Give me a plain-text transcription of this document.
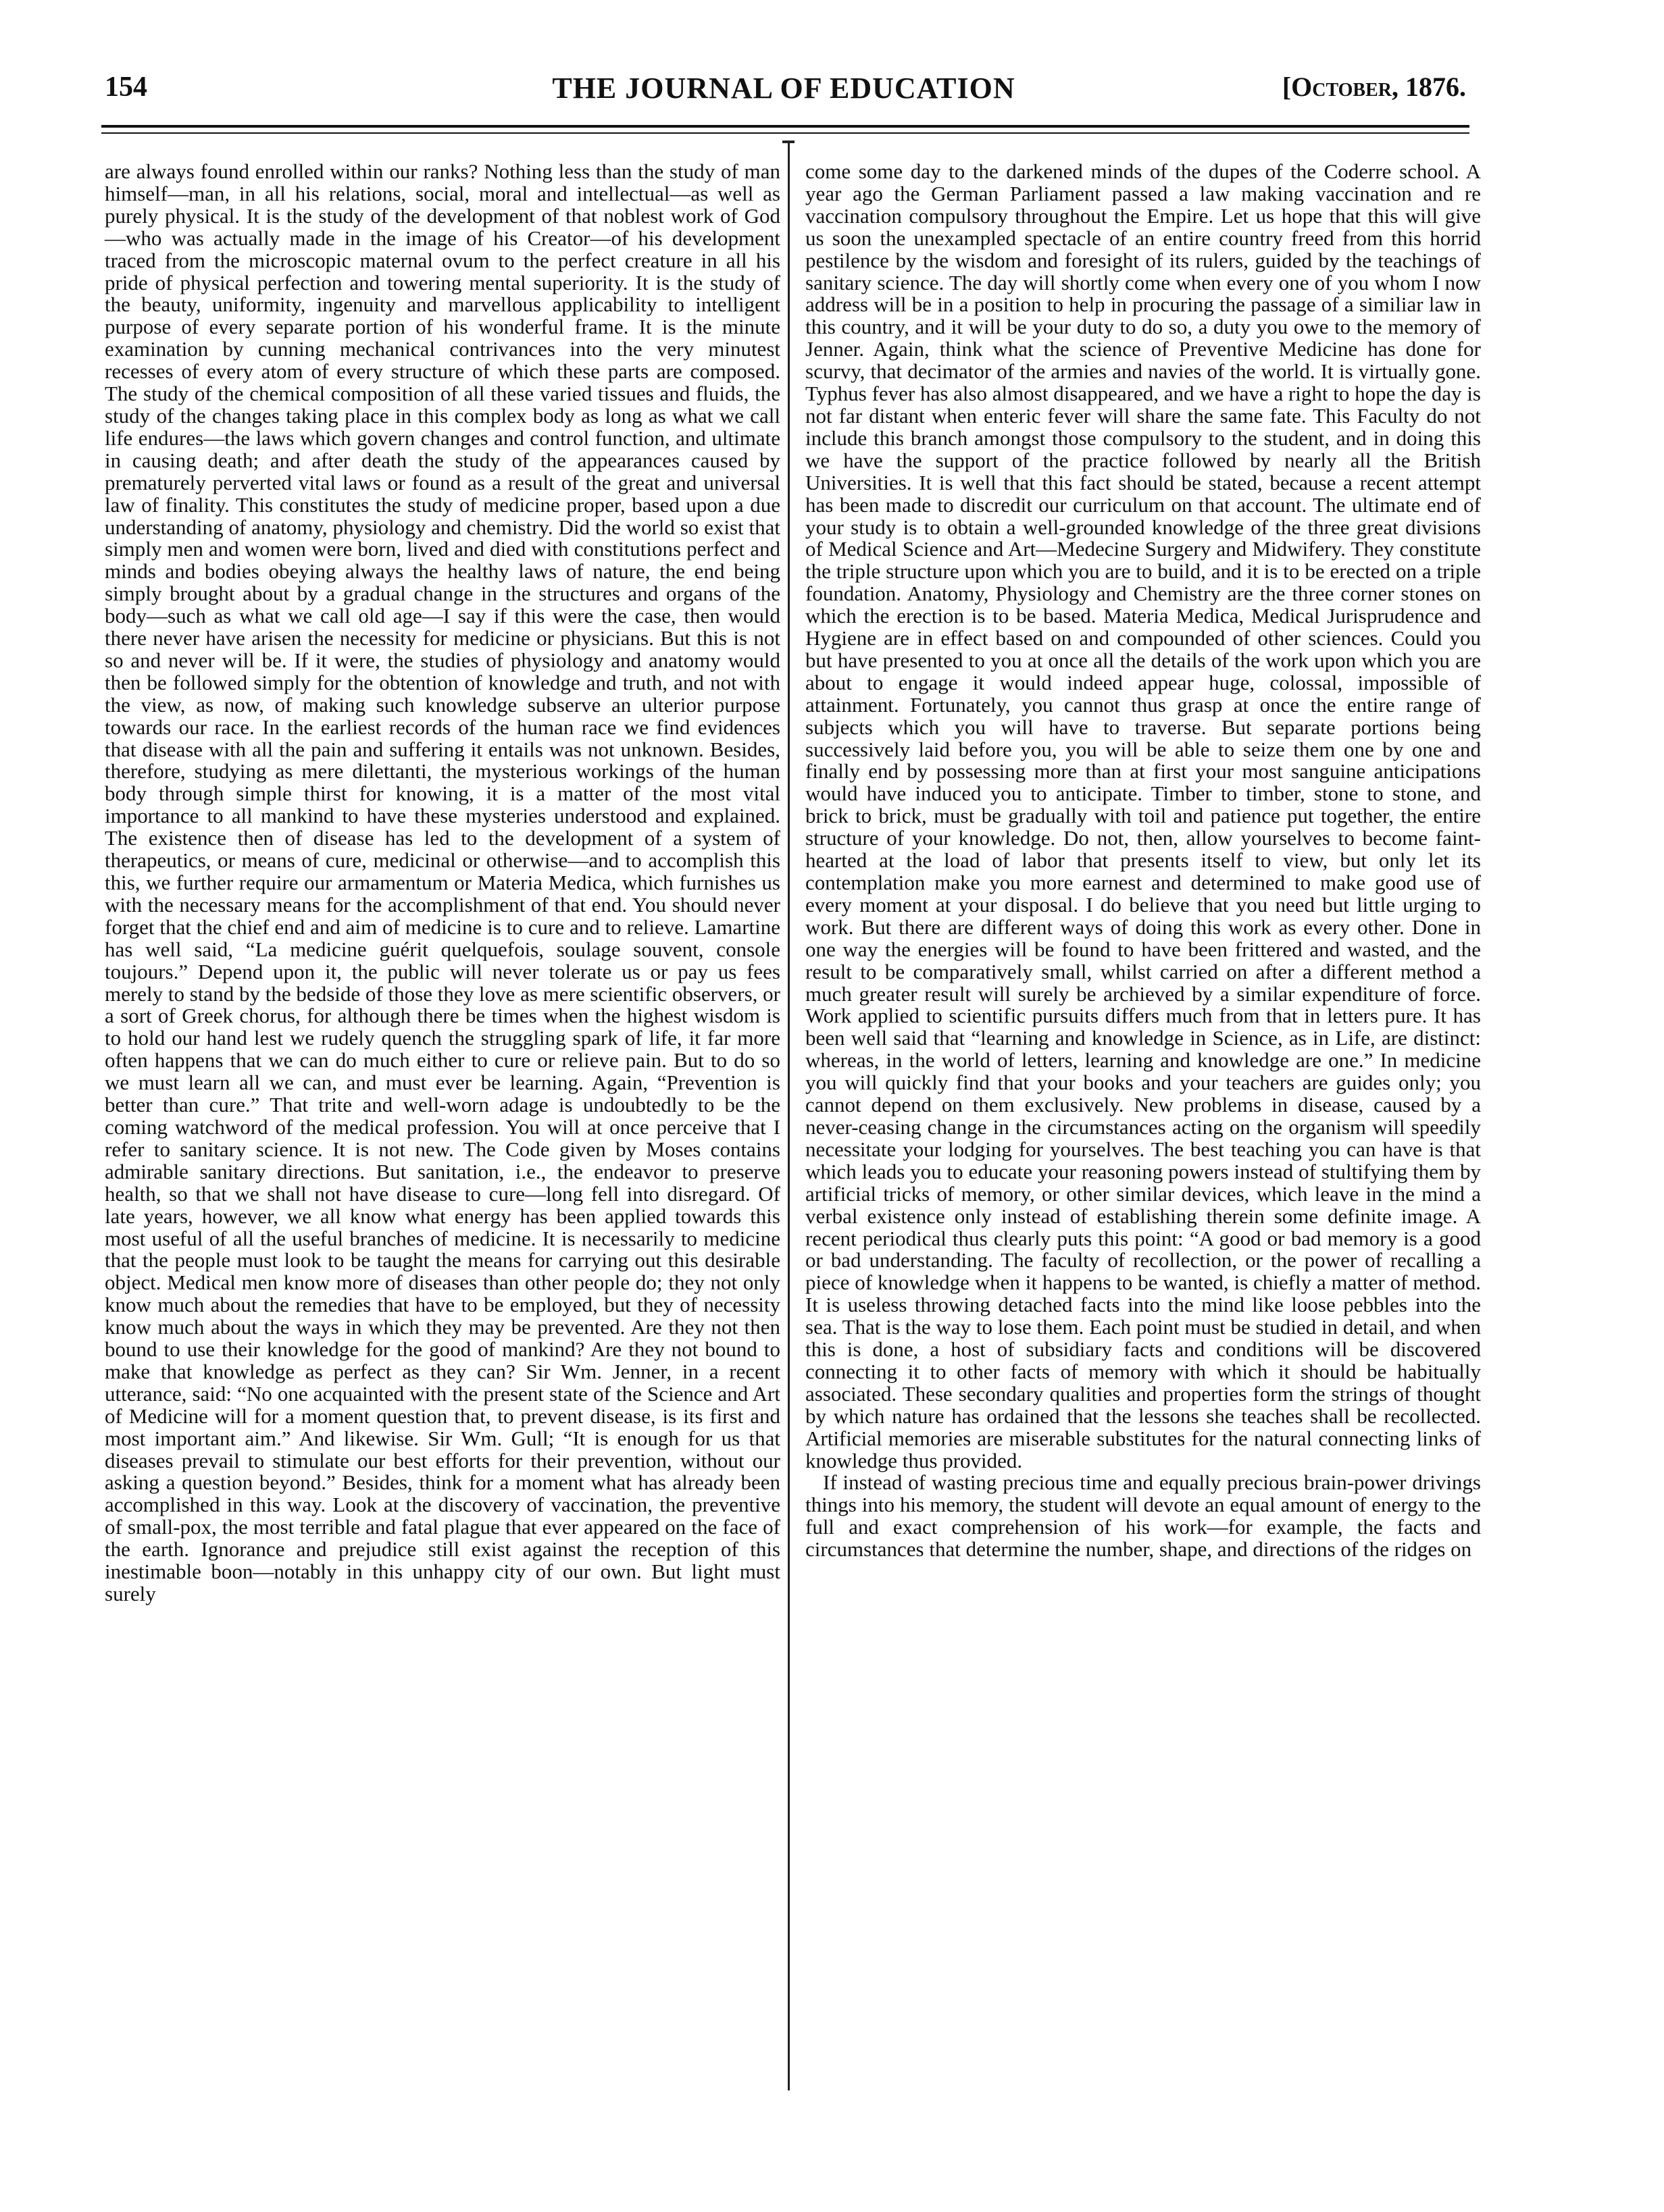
154	THE JOURNAL OF EDUCATION	[October, 1876.

are always found enrolled within our ranks? Nothing less than the study of man himself—man, in all his relations, social, moral and intellectual—as well as purely physical. It is the study of the development of that noblest work of God—who was actually made in the image of his Creator—of his development traced from the microscopic maternal ovum to the perfect creature in all his pride of physical perfection and towering mental superiority. It is the study of the beauty, uniformity, ingenuity and marvellous applicability to intelligent purpose of every separate portion of his wonderful frame. It is the minute examination by cunning mechanical contrivances into the very minutest recesses of every atom of every structure of which these parts are composed. The study of the chemical composition of all these varied tissues and fluids, the study of the changes taking place in this complex body as long as what we call life endures—the laws which govern changes and control function, and ultimate in causing death; and after death the study of the appearances caused by prematurely perverted vital laws or found as a result of the great and universal law of finality. This constitutes the study of medicine proper, based upon a due understanding of anatomy, physiology and chemistry. Did the world so exist that simply men and women were born, lived and died with constitutions perfect and minds and bodies obeying always the healthy laws of nature, the end being simply brought about by a gradual change in the structures and organs of the body—such as what we call old age—I say if this were the case, then would there never have arisen the necessity for medicine or physicians. But this is not so and never will be. If it were, the studies of physiology and anatomy would then be followed simply for the obtention of knowledge and truth, and not with the view, as now, of making such knowledge subserve an ulterior purpose towards our race. In the earliest records of the human race we find evidences that disease with all the pain and suffering it entails was not unknown. Besides, therefore, studying as mere dilettanti, the mysterious workings of the human body through simple thirst for knowing, it is a matter of the most vital importance to all mankind to have these mysteries understood and explained. The existence then of disease has led to the development of a system of therapeutics, or means of cure, medicinal or otherwise—and to accomplish this this, we further require our armamentum or Materia Medica, which furnishes us with the necessary means for the accomplishment of that end. You should never forget that the chief end and aim of medicine is to cure and to relieve. Lamartine has well said, “La medicine guérit quelquefois, soulage souvent, console toujours.” Depend upon it, the public will never tolerate us or pay us fees merely to stand by the bedside of those they love as mere scientific observers, or a sort of Greek chorus, for although there be times when the highest wisdom is to hold our hand lest we rudely quench the struggling spark of life, it far more often happens that we can do much either to cure or relieve pain. But to do so we must learn all we can, and must ever be learning. Again, “Prevention is better than cure.” That trite and well-worn adage is undoubtedly to be the coming watchword of the medical profession. You will at once perceive that I refer to sanitary science. It is not new. The Code given by Moses contains admirable sanitary directions. But sanitation, i.e., the endeavor to preserve health, so that we shall not have disease to cure—long fell into disregard. Of late years, however, we all know what energy has been applied towards this most useful of all the useful branches of medicine. It is necessarily to medicine that the people must look to be taught the means for carrying out this desirable object. Medical men know more of diseases than other people do; they not only know much about the remedies that have to be employed, but they of necessity know much about the ways in which they may be prevented. Are they not then bound to use their knowledge for the good of mankind? Are they not bound to make that knowledge as perfect as they can? Sir Wm. Jenner, in a recent utterance, said: “No one acquainted with the present state of the Science and Art of Medicine will for a moment question that, to prevent disease, is its first and most important aim.” And likewise. Sir Wm. Gull; “It is enough for us that diseases prevail to stimulate our best efforts for their prevention, without our asking a question beyond.” Besides, think for a moment what has already been accomplished in this way. Look at the discovery of vaccination, the preventive of small-pox, the most terrible and fatal plague that ever appeared on the face of the earth. Ignorance and prejudice still exist against the reception of this inestimable boon—notably in this unhappy city of our own. But light must surely

come some day to the darkened minds of the dupes of the Coderre school. A year ago the German Parliament passed a law making vaccination and re vaccination compulsory throughout the Empire. Let us hope that this will give us soon the unexampled spectacle of an entire country freed from this horrid pestilence by the wisdom and foresight of its rulers, guided by the teachings of sanitary science. The day will shortly come when every one of you whom I now address will be in a position to help in procuring the passage of a similiar law in this country, and it will be your duty to do so, a duty you owe to the memory of Jenner. Again, think what the science of Preventive Medicine has done for scurvy, that decimator of the armies and navies of the world. It is virtually gone. Typhus fever has also almost disappeared, and we have a right to hope the day is not far distant when enteric fever will share the same fate. This Faculty do not include this branch amongst those compulsory to the student, and in doing this we have the support of the practice followed by nearly all the British Universities. It is well that this fact should be stated, because a recent attempt has been made to discredit our curriculum on that account. The ultimate end of your study is to obtain a well-grounded knowledge of the three great divisions of Medical Science and Art—Medecine Surgery and Midwifery. They constitute the triple structure upon which you are to build, and it is to be erected on a triple foundation. Anatomy, Physiology and Chemistry are the three corner stones on which the erection is to be based. Materia Medica, Medical Jurisprudence and Hygiene are in effect based on and compounded of other sciences. Could you but have presented to you at once all the details of the work upon which you are about to engage it would indeed appear huge, colossal, impossible of attainment. Fortunately, you cannot thus grasp at once the entire range of subjects which you will have to traverse. But separate portions being successively laid before you, you will be able to seize them one by one and finally end by possessing more than at first your most sanguine anticipations would have induced you to anticipate. Timber to timber, stone to stone, and brick to brick, must be gradually with toil and patience put together, the entire structure of your knowledge. Do not, then, allow yourselves to become faint-hearted at the load of labor that presents itself to view, but only let its contemplation make you more earnest and determined to make good use of every moment at your disposal. I do believe that you need but little urging to work. But there are different ways of doing this work as every other. Done in one way the energies will be found to have been frittered and wasted, and the result to be comparatively small, whilst carried on after a different method a much greater result will surely be archieved by a similar expenditure of force. Work applied to scientific pursuits differs much from that in letters pure. It has been well said that “learning and knowledge in Science, as in Life, are distinct: whereas, in the world of letters, learning and knowledge are one.” In medicine you will quickly find that your books and your teachers are guides only; you cannot depend on them exclusively. New problems in disease, caused by a never-ceasing change in the circumstances acting on the organism will speedily necessitate your lodging for yourselves. The best teaching you can have is that which leads you to educate your reasoning powers instead of stultifying them by artificial tricks of memory, or other similar devices, which leave in the mind a verbal existence only instead of establishing therein some definite image. A recent periodical thus clearly puts this point: “A good or bad memory is a good or bad understanding. The faculty of recollection, or the power of recalling a piece of knowledge when it happens to be wanted, is chiefly a matter of method. It is useless throwing detached facts into the mind like loose pebbles into the sea. That is the way to lose them. Each point must be studied in detail, and when this is done, a host of subsidiary facts and conditions will be discovered connecting it to other facts of memory with which it should be habitually associated. These secondary qualities and properties form the strings of thought by which nature has ordained that the lessons she teaches shall be recollected. Artificial memories are miserable substitutes for the natural connecting links of knowledge thus provided.

If instead of wasting precious time and equally precious brain-power drivings things into his memory, the student will devote an equal amount of energy to the full and exact comprehension of his work—for example, the facts and circumstances that determine the number, shape, and directions of the ridges on
